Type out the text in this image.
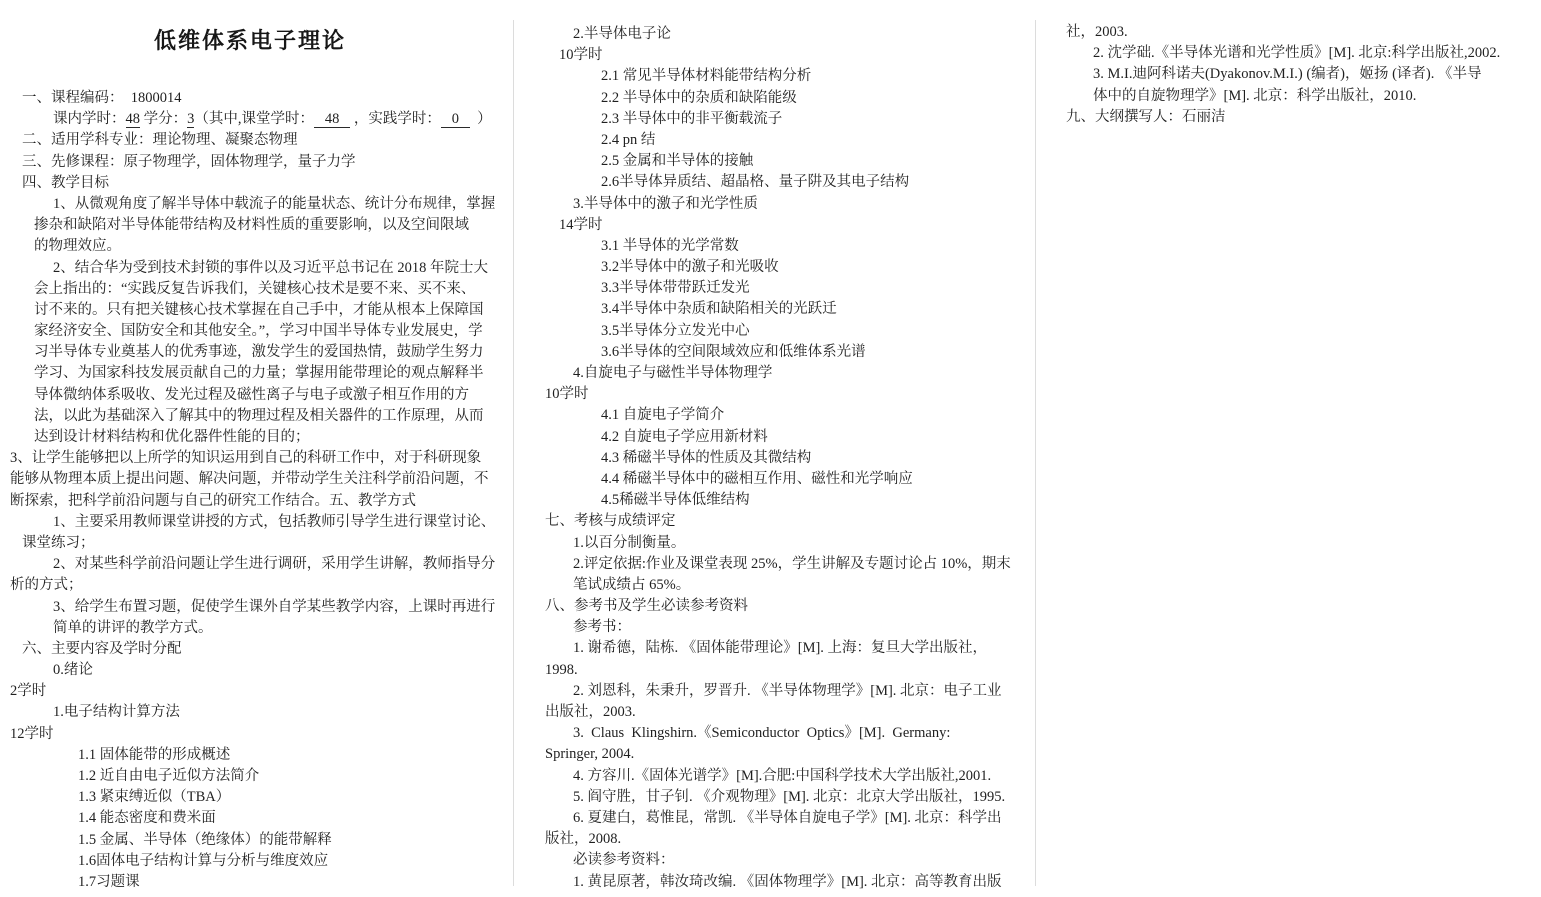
低维体系电子理论
一、课程编码：  1800014
课内学时：48 学分：3（其中,课堂学时：   48    ，实践学时：   0     ）
二、适用学科专业：理论物理、凝聚态物理
三、先修课程：原子物理学，固体物理学，量子力学
四、教学目标
1、从微观角度了解半导体中载流子的能量状态、统计分布规律，掌握
掺杂和缺陷对半导体能带结构及材料性质的重要影响，以及空间限域
的物理效应。
2、结合华为受到技术封锁的事件以及习近平总书记在 2018 年院士大
会上指出的：“实践反复告诉我们，关键核心技术是要不来、买不来、
讨不来的。只有把关键核心技术掌握在自己手中，才能从根本上保障国
家经济安全、国防安全和其他安全。”，学习中国半导体专业发展史，学
习半导体专业奠基人的优秀事迹，激发学生的爱国热情，鼓励学生努力
学习、为国家科技发展贡献自己的力量；掌握用能带理论的观点解释半
导体微纳体系吸收、发光过程及磁性离子与电子或激子相互作用的方
法，以此为基础深入了解其中的物理过程及相关器件的工作原理，从而
达到设计材料结构和优化器件性能的目的；
3、让学生能够把以上所学的知识运用到自己的科研工作中，对于科研现象
能够从物理本质上提出问题、解决问题，并带动学生关注科学前沿问题，不
断探索，把科学前沿问题与自己的研究工作结合。五、教学方式
1、主要采用教师课堂讲授的方式，包括教师引导学生进行课堂讨论、
课堂练习；
2、对某些科学前沿问题让学生进行调研，采用学生讲解，教师指导分
析的方式；
3、给学生布置习题，促使学生课外自学某些教学内容，上课时再进行
简单的讲评的教学方式。
六、主要内容及学时分配
0.绪论
2学时
1.电子结构计算方法
12学时
1.1 固体能带的形成概述
1.2 近自由电子近似方法简介
1.3 紧束缚近似（TBA）
1.4 能态密度和费米面
1.5 金属、半导体（绝缘体）的能带解释
1.6固体电子结构计算与分析与维度效应
1.7习题课
2.半导体电子论
10学时
2.1 常见半导体材料能带结构分析
2.2 半导体中的杂质和缺陷能级
2.3 半导体中的非平衡载流子
2.4 pn 结
2.5 金属和半导体的接触
2.6半导体异质结、超晶格、量子阱及其电子结构
3.半导体中的激子和光学性质
14学时
3.1 半导体的光学常数
3.2半导体中的激子和光吸收
3.3半导体带带跃迁发光
3.4半导体中杂质和缺陷相关的光跃迁
3.5半导体分立发光中心
3.6半导体的空间限域效应和低维体系光谱
4.自旋电子与磁性半导体物理学
10学时
4.1 自旋电子学简介
4.2 自旋电子学应用新材料
4.3 稀磁半导体的性质及其微结构
4.4 稀磁半导体中的磁相互作用、磁性和光学响应
4.5稀磁半导体低维结构
七、考核与成绩评定
1.以百分制衡量。
2.评定依据:作业及课堂表现 25%，学生讲解及专题讨论占 10%，期末
笔试成绩占 65%。
八、参考书及学生必读参考资料
参考书：
1. 谢希德，陆栋. 《固体能带理论》[M]. 上海：复旦大学出版社，
1998.
2. 刘恩科，朱秉升，罗晋升. 《半导体物理学》[M]. 北京：电子工业
出版社，2003.
3.  Claus  Klingshirn.《Semiconductor  Optics》[M].  Germany:
Springer, 2004.
4. 方容川.《固体光谱学》[M].合肥:中国科学技术大学出版社,2001.
5. 阎守胜，甘子钊. 《介观物理》[M]. 北京：北京大学出版社，1995.
6. 夏建白，葛惟昆，常凯. 《半导体自旋电子学》[M]. 北京：科学出
版社，2008.
必读参考资料：
1. 黄昆原著，韩汝琦改编. 《固体物理学》[M]. 北京：高等教育出版
社，2003.
2. 沈学础.《半导体光谱和光学性质》[M]. 北京:科学出版社,2002.
3. M.I.迪阿科诺夫(Dyakonov.M.I.) (编者)，姬扬 (译者). 《半导
体中的自旋物理学》[M]. 北京：科学出版社，2010.
九、大纲撰写人：石丽洁
